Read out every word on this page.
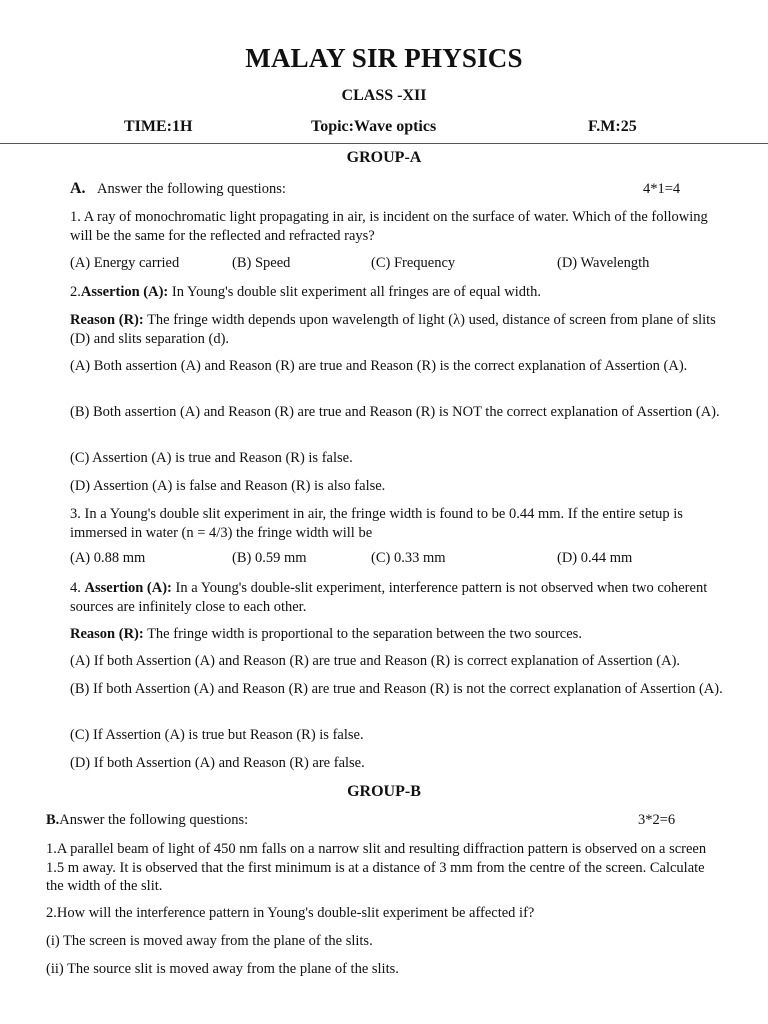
MALAY SIR PHYSICS
CLASS -XII
TIME:1H	Topic:Wave optics	F.M:25
GROUP-A
A. Answer the following questions:	4*1=4
1. A ray of monochromatic light propagating in air, is incident on the surface of water. Which of the following will be the same for the reflected and refracted rays?
(A) Energy carried	(B) Speed	(C) Frequency	(D) Wavelength
2.Assertion (A): In Young's double slit experiment all fringes are of equal width.
Reason (R): The fringe width depends upon wavelength of light (λ) used, distance of screen from plane of slits (D) and slits separation (d).
(A) Both assertion (A) and Reason (R) are true and Reason (R) is the correct explanation of Assertion (A).
(B) Both assertion (A) and Reason (R) are true and Reason (R) is NOT the correct explanation of Assertion (A).
(C) Assertion (A) is true and Reason (R) is false.
(D) Assertion (A) is false and Reason (R) is also false.
3. In a Young's double slit experiment in air, the fringe width is found to be 0.44 mm. If the entire setup is immersed in water (n = 4/3) the fringe width will be
(A) 0.88 mm	(B) 0.59 mm	(C) 0.33 mm	(D) 0.44 mm
4. Assertion (A): In a Young's double-slit experiment, interference pattern is not observed when two coherent sources are infinitely close to each other.
Reason (R): The fringe width is proportional to the separation between the two sources.
(A) If both Assertion (A) and Reason (R) are true and Reason (R) is correct explanation of Assertion (A).
(B) If both Assertion (A) and Reason (R) are true and Reason (R) is not the correct explanation of Assertion (A).
(C) If Assertion (A) is true but Reason (R) is false.
(D) If both Assertion (A) and Reason (R) are false.
GROUP-B
B.Answer the following questions:	3*2=6
1.A parallel beam of light of 450 nm falls on a narrow slit and resulting diffraction pattern is observed on a screen 1.5 m away. It is observed that the first minimum is at a distance of 3 mm from the centre of the screen. Calculate the width of the slit.
2.How will the interference pattern in Young's double-slit experiment be affected if?
(i) The screen is moved away from the plane of the slits.
(ii) The source slit is moved away from the plane of the slits.
